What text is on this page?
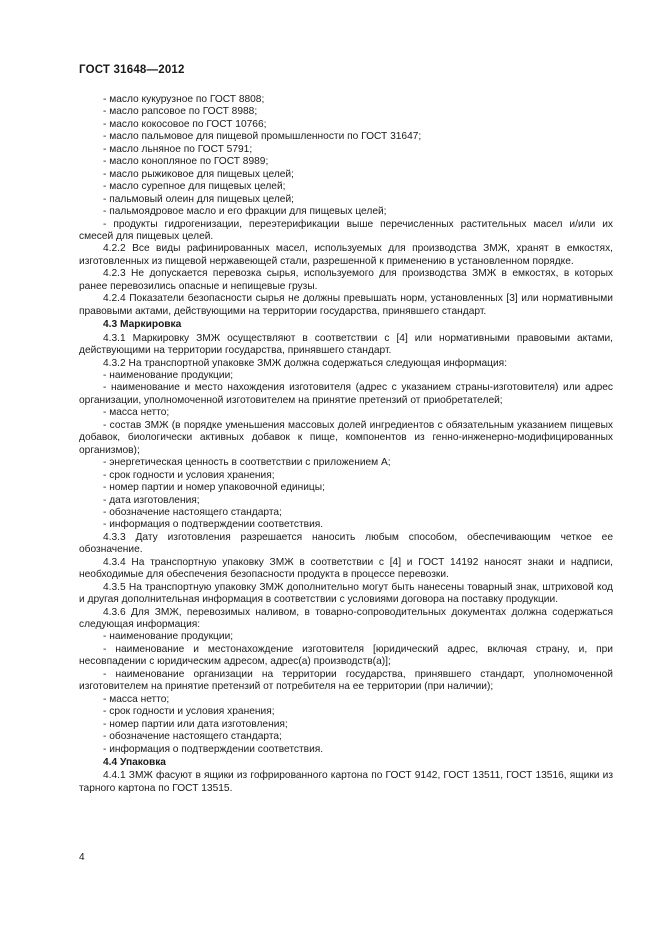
ГОСТ 31648—2012

- масло кукурузное по ГОСТ 8808;

- масло рапсовое по ГОСТ 8988;

- масло кокосовое по ГОСТ 10766;

- масло пальмовое для пищевой промышленности по ГОСТ 31647;

- масло льняное по ГОСТ 5791;

- масло конопляное по ГОСТ 8989;

- масло рыжиковое для пищевых целей;

- масло сурепное для пищевых целей;

- пальмовый олеин для пищевых целей;

- пальмоядровое масло и его фракции для пищевых целей;

- продукты гидрогенизации, переэтерификации выше перечисленных растительных масел и/или их смесей для пищевых целей.

4.2.2 Все виды рафинированных масел, используемых для производства ЗМЖ, хранят в емкостях, изготовленных из пищевой нержавеющей стали, разрешенной к применению в установленном порядке.

4.2.3 Не допускается перевозка сырья, используемого для производства ЗМЖ в емкостях, в которых ранее перевозились опасные и непищевые грузы.

4.2.4 Показатели безопасности сырья не должны превышать норм, установленных [3] или нормативными правовыми актами, действующими на территории государства, принявшего стандарт.

4.3 Маркировка

4.3.1 Маркировку ЗМЖ осуществляют в соответствии с [4] или нормативными правовыми актами, действующими на территории государства, принявшего стандарт.

4.3.2 На транспортной упаковке ЗМЖ должна содержаться следующая информация:

- наименование продукции;

- наименование и место нахождения изготовителя (адрес с указанием страны-изготовителя) или адрес организации, уполномоченной изготовителем на принятие претензий от приобретателей;

- масса нетто;

- состав ЗМЖ (в порядке уменьшения массовых долей ингредиентов с обязательным указанием пищевых добавок, биологически активных добавок к пище, компонентов из генно-инженерно-модифицированных организмов);

- энергетическая ценность в соответствии с приложением А;

- срок годности и условия хранения;

- номер партии и номер упаковочной единицы;

- дата изготовления;

- обозначение настоящего стандарта;

- информация о подтверждении соответствия.

4.3.3 Дату изготовления разрешается наносить любым способом, обеспечивающим четкое ее обозначение.

4.3.4 На транспортную упаковку ЗМЖ в соответствии с [4] и ГОСТ 14192 наносят знаки и надписи, необходимые для обеспечения безопасности продукта в процессе перевозки.

4.3.5 На транспортную упаковку ЗМЖ дополнительно могут быть нанесены товарный знак, штриховой код и другая дополнительная информация в соответствии с условиями договора на поставку продукции.

4.3.6 Для ЗМЖ, перевозимых наливом, в товарно-сопроводительных документах должна содержаться следующая информация:

- наименование продукции;

- наименование и местонахождение изготовителя [юридический адрес, включая страну, и, при несовпадении с юридическим адресом, адрес(а) производств(а)];

- наименование организации на территории государства, принявшего стандарт, уполномоченной изготовителем на принятие претензий от потребителя на ее территории (при наличии);

- масса нетто;

- срок годности и условия хранения;

- номер партии или дата изготовления;

- обозначение настоящего стандарта;

- информация о подтверждении соответствия.

4.4 Упаковка

4.4.1 ЗМЖ фасуют в ящики из гофрированного картона по ГОСТ 9142, ГОСТ 13511, ГОСТ 13516, ящики из тарного картона по ГОСТ 13515.

4
